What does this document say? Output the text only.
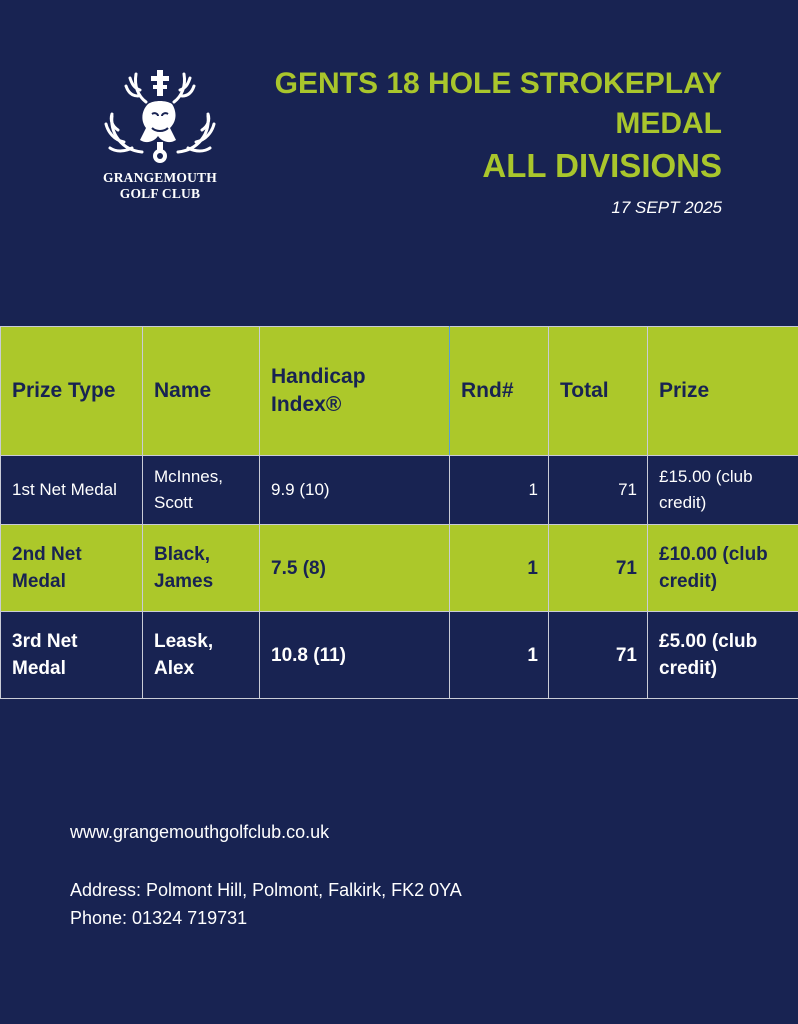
GRANGEMOUTH
GOLF CLUB
GENTS 18 HOLE STROKEPLAY
MEDAL
ALL DIVISIONS
17 SEPT 2025
Prize Type	Name	Handicap Index®	Rnd#	Total	Prize
1st Net Medal	McInnes, Scott	9.9 (10)	1	71	£15.00 (club credit)
2nd Net Medal	Black, James	7.5 (8)	1	71	£10.00 (club credit)
3rd Net Medal	Leask, Alex	10.8 (11)	1	71	£5.00 (club credit)
www.grangemouthgolfclub.co.uk
Address: Polmont Hill, Polmont, Falkirk, FK2 0YA
Phone: 01324 719731
